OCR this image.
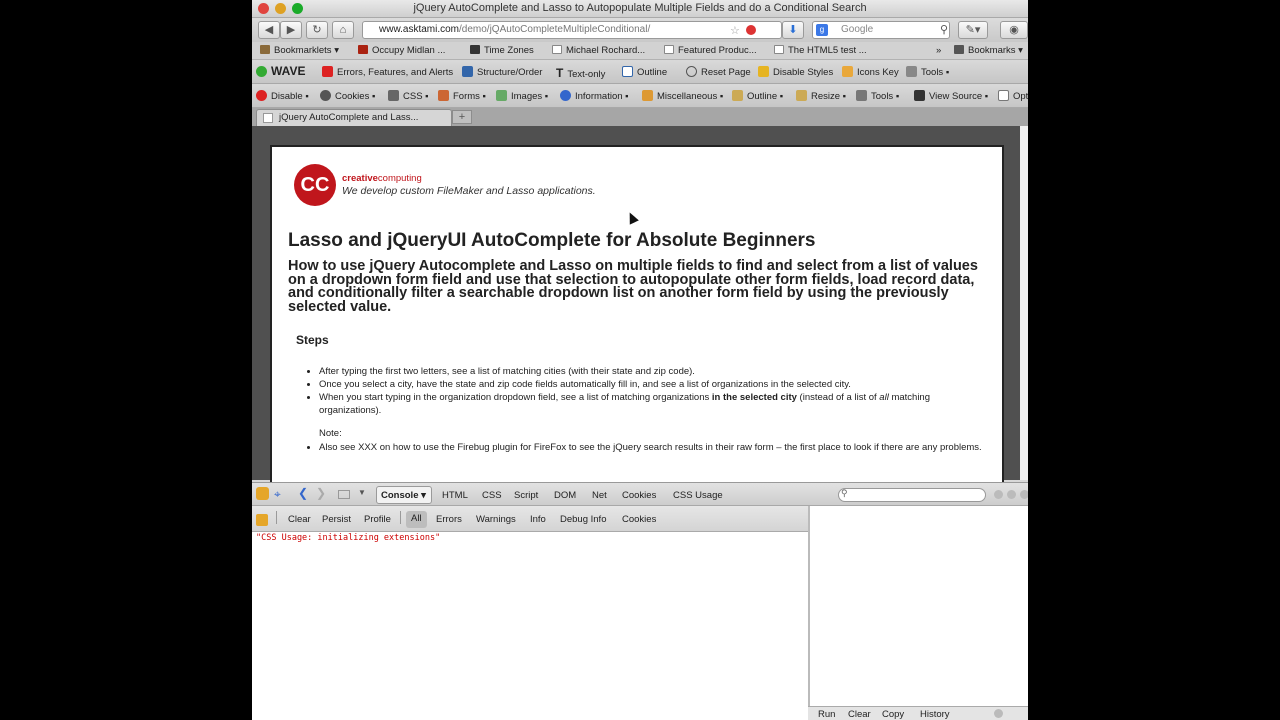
jQuery AutoComplete and Lasso to Autopopulate Multiple Fields and do a Conditional Search
◀	▶	↻	⌂	www.asktami.com/demo/jQAutoCompleteMultipleConditional/	☆	⬇	Google
g	⚲	✎▾	◉
Bookmarklets ▾	Occupy Midlan ...	Time Zones	Michael Rochard...	Featured Produc...	The HTML5 test ...	»	Bookmarks ▾
WAVE	Errors, Features, and Alerts	Structure/Order T Text-only	Outline	Reset Page	Disable Styles	Icons Key	Tools ▪
Disable ▪	Cookies ▪	CSS ▪	Forms ▪	Images ▪	Information ▪	Miscellaneous ▪	Outline ▪	Resize ▪	Tools ▪	View Source ▪	Opt
jQuery AutoComplete and Lass...	+
CC	creativecomputing
We develop custom FileMaker and Lasso applications.
Lasso and jQueryUI AutoComplete for Absolute Beginners
How to use jQuery Autocomplete and Lasso on multiple fields to find and select from a list of values on a dropdown form field and use that selection to autopopulate other form fields, load record data, and conditionally filter a searchable dropdown list on another form field by using the previously selected value.
Steps
• After typing the first two letters, see a list of matching cities (with their state and zip code).
• Once you select a city, have the state and zip code fields automatically fill in, and see a list of organizations in the selected city.
• When you start typing in the organization dropdown field, see a list of matching organizations in the selected city (instead of a list of all matching organizations).
Note:
• Also see XXX on how to use the Firebug plugin for FireFox to see the jQuery search results in their raw form – the first place to look if there are any problems.
⌖ ❮ ❯	▼	Console ▾	HTML CSS Script DOM Net Cookies CSS Usage	⚲
Clear Persist Profile	All	Errors Warnings Info Debug Info Cookies
"CSS Usage: initializing extensions"
Run Clear Copy History
